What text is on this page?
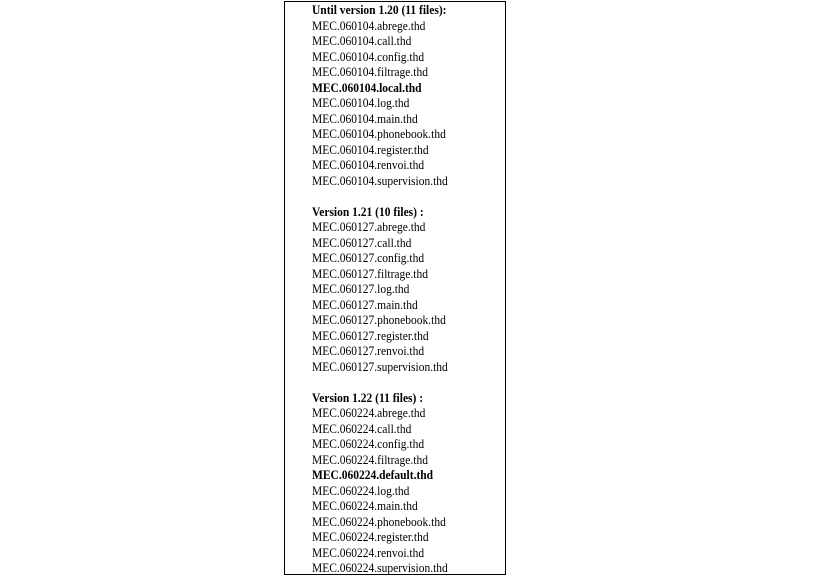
Until version 1.20 (11 files):
MEC.060104.abrege.thd
MEC.060104.call.thd
MEC.060104.config.thd
MEC.060104.filtrage.thd
MEC.060104.local.thd
MEC.060104.log.thd
MEC.060104.main.thd
MEC.060104.phonebook.thd
MEC.060104.register.thd
MEC.060104.renvoi.thd
MEC.060104.supervision.thd
Version 1.21 (10 files) :
MEC.060127.abrege.thd
MEC.060127.call.thd
MEC.060127.config.thd
MEC.060127.filtrage.thd
MEC.060127.log.thd
MEC.060127.main.thd
MEC.060127.phonebook.thd
MEC.060127.register.thd
MEC.060127.renvoi.thd
MEC.060127.supervision.thd
Version 1.22 (11 files) :
MEC.060224.abrege.thd
MEC.060224.call.thd
MEC.060224.config.thd
MEC.060224.filtrage.thd
MEC.060224.default.thd
MEC.060224.log.thd
MEC.060224.main.thd
MEC.060224.phonebook.thd
MEC.060224.register.thd
MEC.060224.renvoi.thd
MEC.060224.supervision.thd
